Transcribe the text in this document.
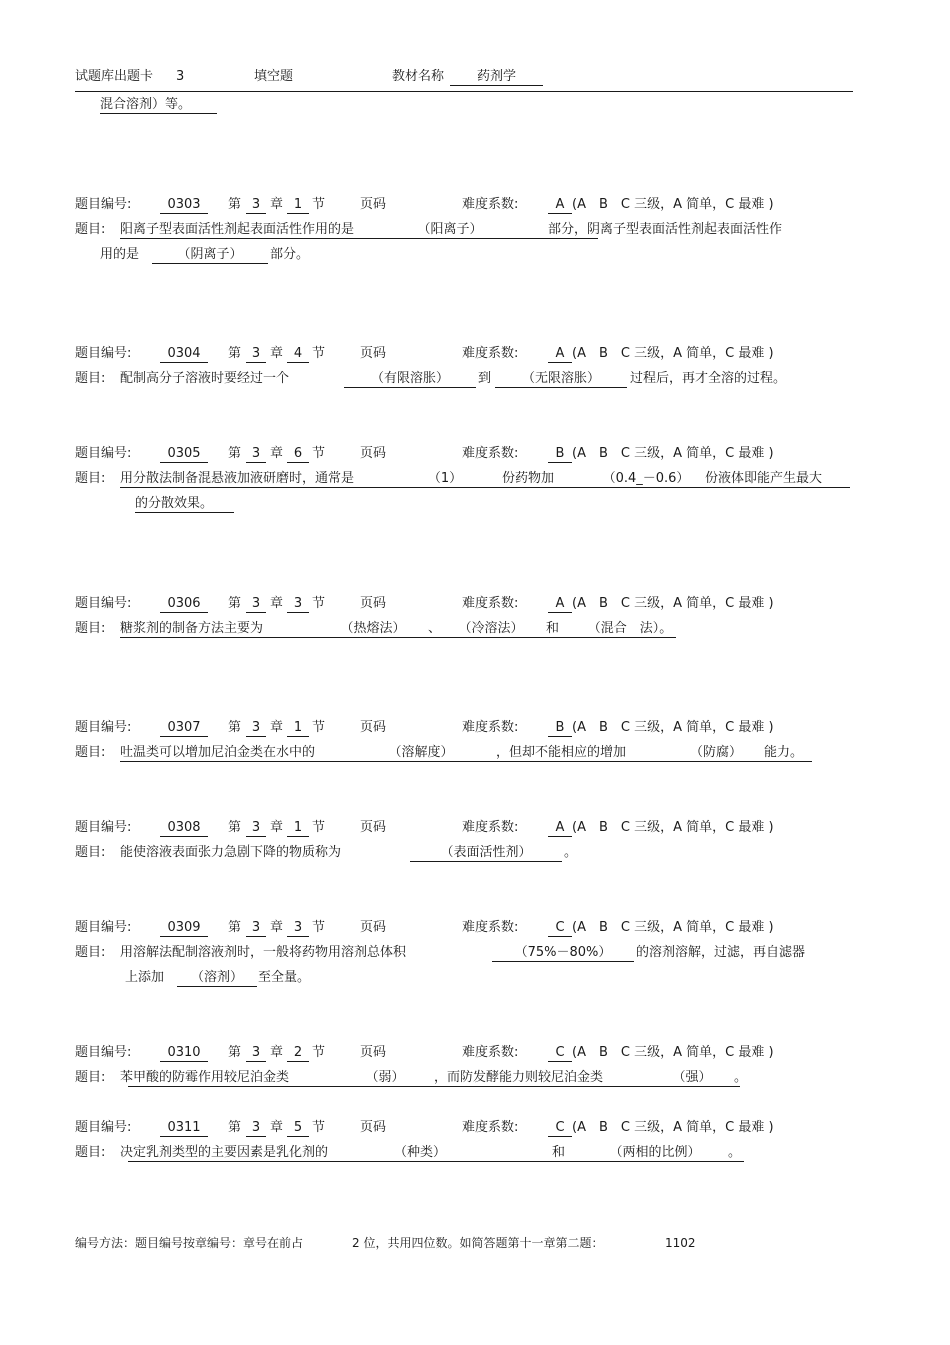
试题库出题卡 3	填空题	教材名称	药剂学
混合溶剂）等。
题目编号:	0303	第 3 章 1 节	页码	难度系数:	A (A　B　C 三级，A 简单，C 最难 )
题目: 阳离子型表面活性剂起表面活性作用的是	（阳离子）	部分，阴离子型表面活性剂起表面活性作
用的是	（阴离子）	部分。
题目编号:	0304	第 3 章 4 节	页码	难度系数:	A (A　B　C 三级，A 简单，C 最难 )
题目: 配制高分子溶液时要经过一个	（有限溶胀）	到	（无限溶胀）	过程后，再才全溶的过程。
题目编号:	0305	第 3 章 6 节	页码	难度系数:	B (A　B　C 三级，A 简单，C 最难 )
题目: 用分散法制备混悬液加液研磨时，通常是	（1）	份药物加	（0.4_－0.6）	份液体即能产生最大
的分散效果。
题目编号:	0306	第 3 章 3 节	页码	难度系数:	A (A　B　C 三级，A 简单，C 最难 )
题目: 糖浆剂的制备方法主要为	（热熔法） 、 （冷溶法） 和 （混合　法）。
题目编号:	0307	第 3 章 1 节	页码	难度系数:	B (A　B　C 三级，A 简单，C 最难 )
题目: 吐温类可以增加尼泊金类在水中的	（溶解度）	，但却不能相应的增加	（防腐）	能力。
题目编号:	0308	第 3 章 1 节	页码	难度系数:	A (A　B　C 三级，A 简单，C 最难 )
题目: 能使溶液表面张力急剧下降的物质称为	（表面活性剂）	。
题目编号:	0309	第 3 章 3 节	页码	难度系数:	C (A　B　C 三级，A 简单，C 最难 )
题目: 用溶解法配制溶液剂时，一般将药物用溶剂总体积	（75%－80%）	的溶剂溶解，过滤，再自滤器
上添加	（溶剂）	至全量。
题目编号:	0310	第 3 章 2 节	页码	难度系数:	C (A　B　C 三级，A 简单，C 最难 )
题目: 苯甲酸的防霉作用较尼泊金类	（弱）	，而防发酵能力则较尼泊金类	（强）	。
题目编号:	0311	第 3 章 5 节	页码	难度系数:	C (A　B　C 三级，A 简单，C 最难 )
题目: 决定乳剂类型的主要因素是乳化剂的	（种类）	和	（两相的比例）	。
编号方法：题目编号按章编号：章号在前占	2 位，共用四位数。如简答题第十一章第二题：	1102
